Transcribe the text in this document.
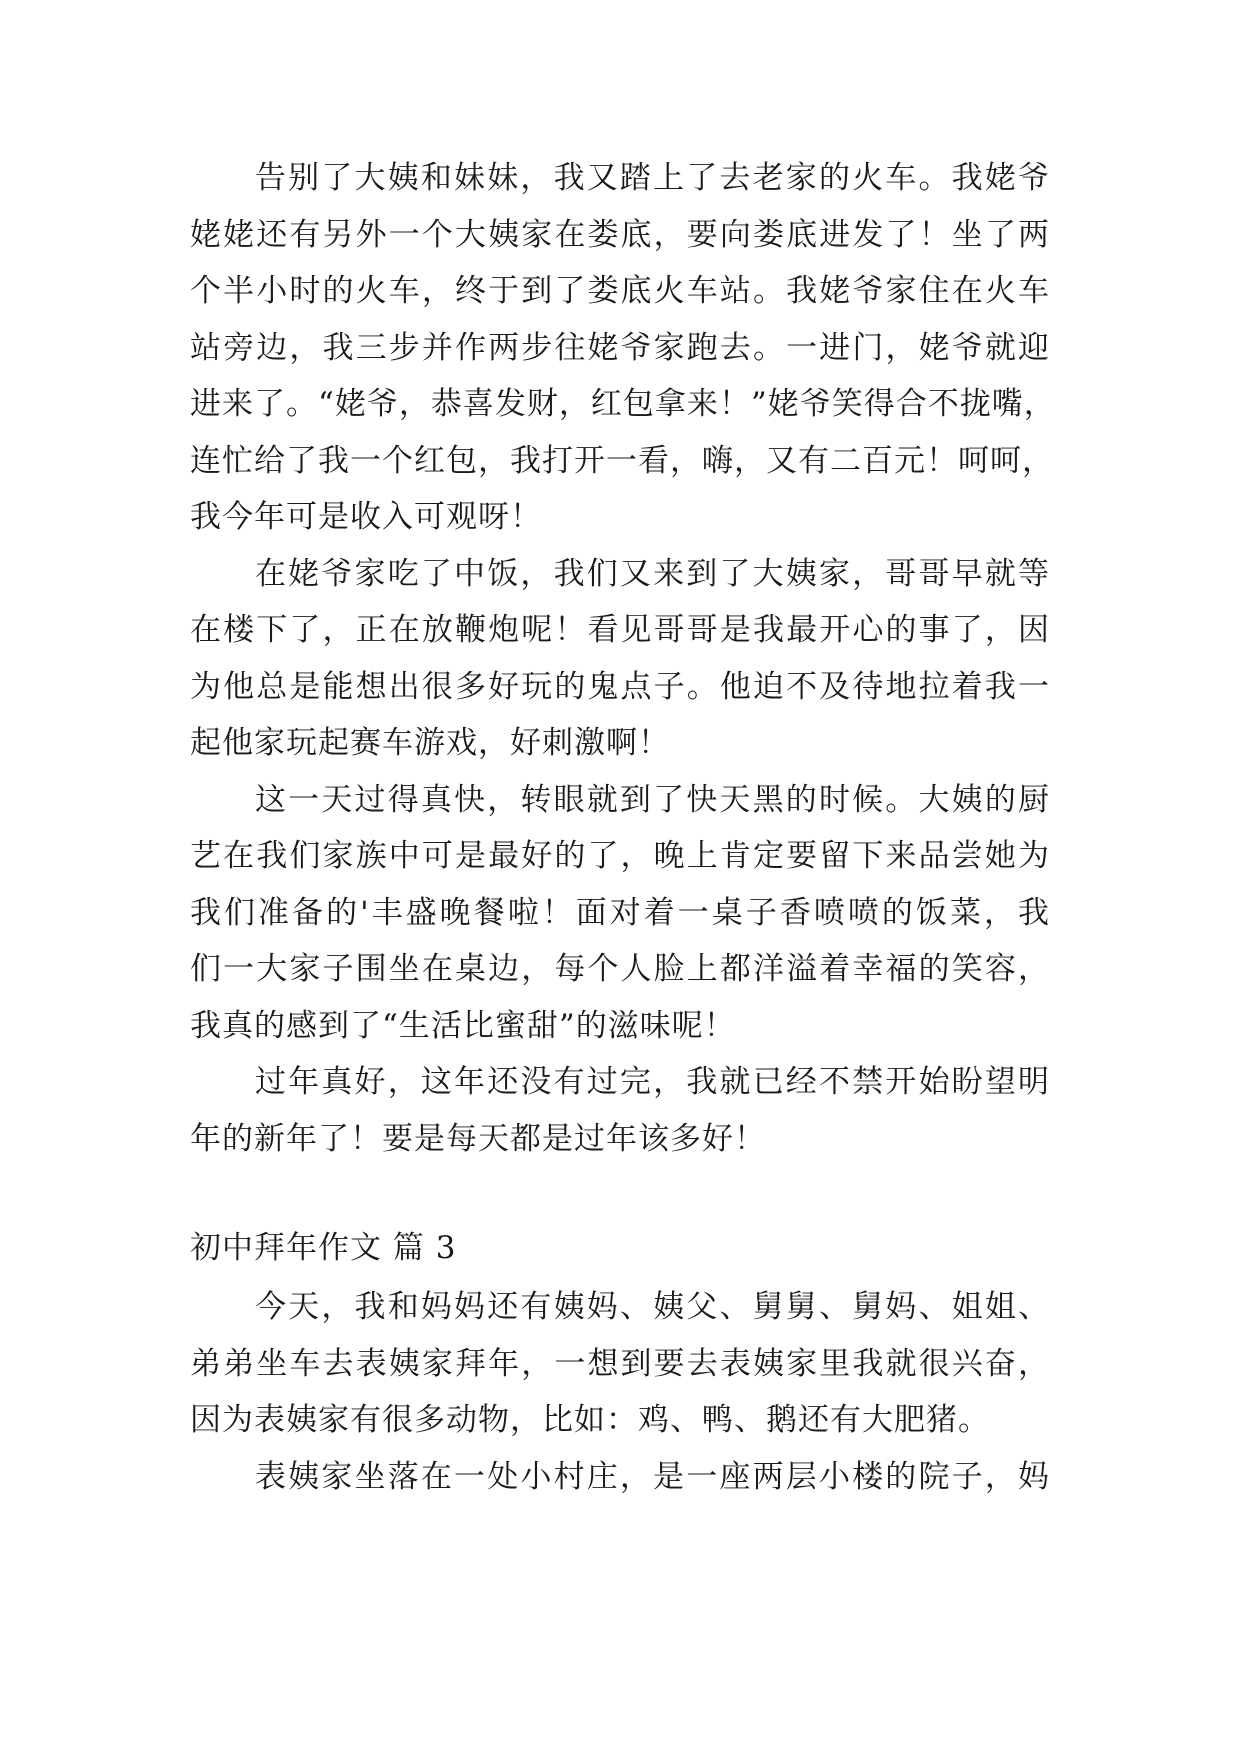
告别了大姨和妹妹，我又踏上了去老家的火车。我姥爷
姥姥还有另外一个大姨家在娄底，要向娄底进发了！坐了两
个半小时的火车，终于到了娄底火车站。我姥爷家住在火车
站旁边，我三步并作两步往姥爷家跑去。一进门，姥爷就迎
进来了。“姥爷，恭喜发财，红包拿来！”姥爷笑得合不拢嘴，
连忙给了我一个红包，我打开一看，嗨，又有二百元！呵呵，
我今年可是收入可观呀！
在姥爷家吃了中饭，我们又来到了大姨家，哥哥早就等
在楼下了，正在放鞭炮呢！看见哥哥是我最开心的事了，因
为他总是能想出很多好玩的鬼点子。他迫不及待地拉着我一
起他家玩起赛车游戏，好刺激啊！
这一天过得真快，转眼就到了快天黑的时候。大姨的厨
艺在我们家族中可是最好的了，晚上肯定要留下来品尝她为
我们准备的'丰盛晚餐啦！面对着一桌子香喷喷的饭菜，我
们一大家子围坐在桌边，每个人脸上都洋溢着幸福的笑容，
我真的感到了“生活比蜜甜”的滋味呢！
过年真好，这年还没有过完，我就已经不禁开始盼望明
年的新年了！要是每天都是过年该多好！
初中拜年作文 篇 3
今天，我和妈妈还有姨妈、姨父、舅舅、舅妈、姐姐、
弟弟坐车去表姨家拜年，一想到要去表姨家里我就很兴奋，
因为表姨家有很多动物，比如：鸡、鸭、鹅还有大肥猪。
表姨家坐落在一处小村庄，是一座两层小楼的院子，妈
